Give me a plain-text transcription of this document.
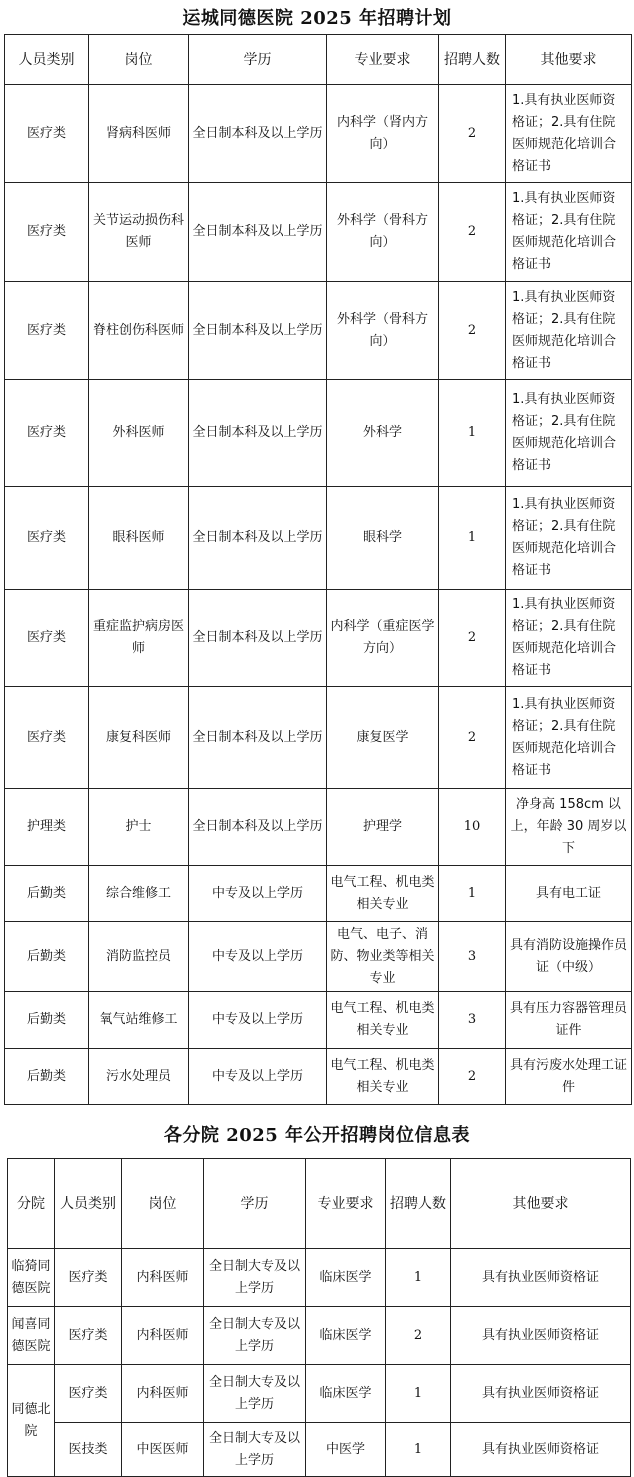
运城同德医院 2025 年招聘计划
人员类别	岗位	学历	专业要求	招聘人数	其他要求
医疗类	肾病科医师	全日制本科及以上学历	内科学（肾内方向）	2	1.具有执业医师资格证；2.具有住院医师规范化培训合格证书
医疗类	关节运动损伤科医师	全日制本科及以上学历	外科学（骨科方向）	2	1.具有执业医师资格证；2.具有住院医师规范化培训合格证书
医疗类	脊柱创伤科医师	全日制本科及以上学历	外科学（骨科方向）	2	1.具有执业医师资格证；2.具有住院医师规范化培训合格证书
医疗类	外科医师	全日制本科及以上学历	外科学	1	1.具有执业医师资格证；2.具有住院医师规范化培训合格证书
医疗类	眼科医师	全日制本科及以上学历	眼科学	1	1.具有执业医师资格证；2.具有住院医师规范化培训合格证书
医疗类	重症监护病房医师	全日制本科及以上学历	内科学（重症医学方向）	2	1.具有执业医师资格证；2.具有住院医师规范化培训合格证书
医疗类	康复科医师	全日制本科及以上学历	康复医学	2	1.具有执业医师资格证；2.具有住院医师规范化培训合格证书
护理类	护士	全日制本科及以上学历	护理学	10	净身高 158cm 以上，年龄 30 周岁以下
后勤类	综合维修工	中专及以上学历	电气工程、机电类相关专业	1	具有电工证
后勤类	消防监控员	中专及以上学历	电气、电子、消防、物业类等相关专业	3	具有消防设施操作员证（中级）
后勤类	氧气站维修工	中专及以上学历	电气工程、机电类相关专业	3	具有压力容器管理员证件
后勤类	污水处理员	中专及以上学历	电气工程、机电类相关专业	2	具有污废水处理工证件
各分院 2025 年公开招聘岗位信息表
分院	人员类别	岗位	学历	专业要求	招聘人数	其他要求
临猗同德医院	医疗类	内科医师	全日制大专及以上学历	临床医学	1	具有执业医师资格证
闻喜同德医院	医疗类	内科医师	全日制大专及以上学历	临床医学	2	具有执业医师资格证
同德北院	医疗类	内科医师	全日制大专及以上学历	临床医学	1	具有执业医师资格证
	医技类	中医医师	全日制大专及以上学历	中医学	1	具有执业医师资格证
